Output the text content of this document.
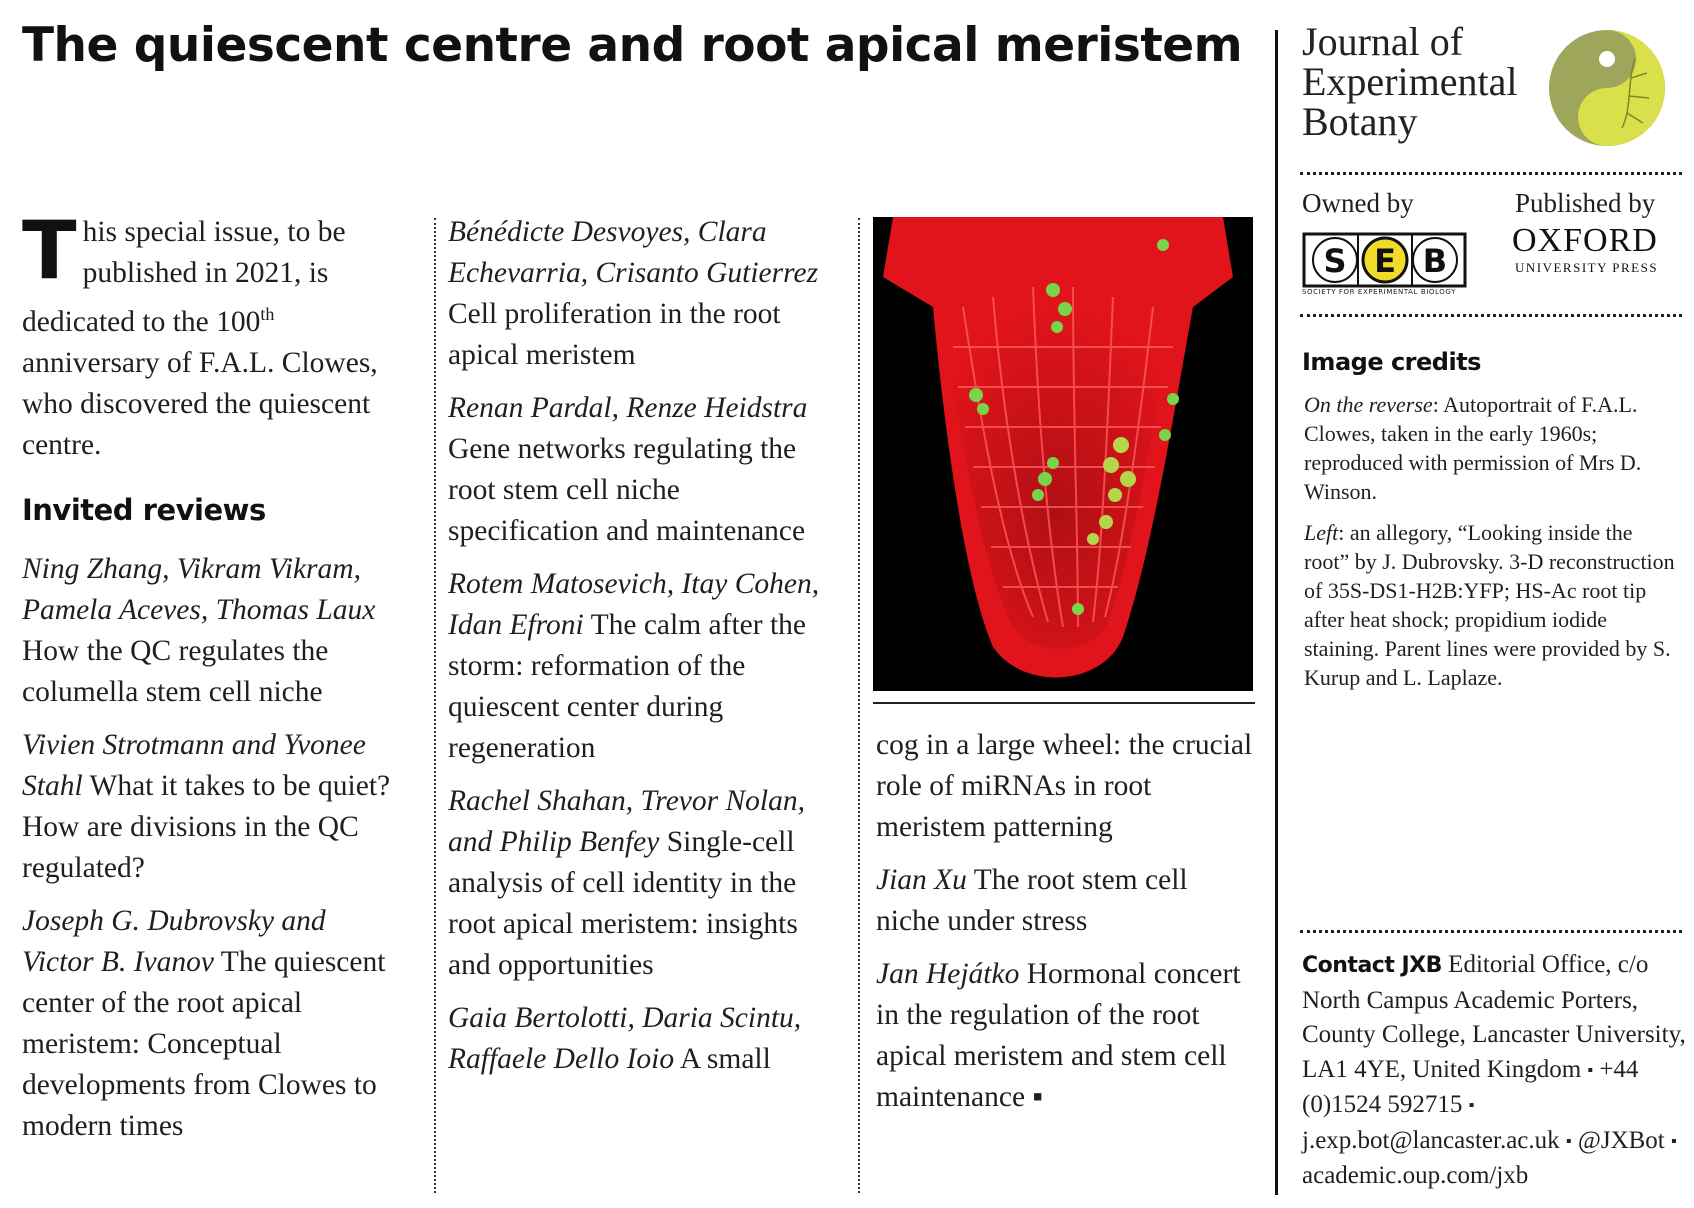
The quiescent centre and root apical meristem

This special issue, to be published in 2021, is dedicated to the 100th anniversary of F.A.L. Clowes, who discovered the quiescent centre.

Invited reviews

Ning Zhang, Vikram Vikram, Pamela Aceves, Thomas Laux How the QC regulates the columella stem cell niche

Vivien Strotmann and Yvonee Stahl What it takes to be quiet? How are divisions in the QC regulated?

Joseph G. Dubrovsky and Victor B. Ivanov The quiescent center of the root apical meristem: Conceptual developments from Clowes to modern times

Bénédicte Desvoyes, Clara Echevarria, Crisanto Gutierrez Cell proliferation in the root apical meristem

Renan Pardal, Renze Heidstra Gene networks regulating the root stem cell niche specification and maintenance

Rotem Matosevich, Itay Cohen, Idan Efroni The calm after the storm: reformation of the quiescent center during regeneration

Rachel Shahan, Trevor Nolan, and Philip Benfey Single-cell analysis of cell identity in the root apical meristem: insights and opportunities

Gaia Bertolotti, Daria Scintu, Raffaele Dello Ioio A small

cog in a large wheel: the crucial role of miRNAs in root meristem patterning

Jian Xu The root stem cell niche under stress

Jan Hejátko Hormonal concert in the regulation of the root apical meristem and stem cell maintenance ▪

Journal of
Experimental
Botany
Owned by	Published by
S E B
SOCIETY FOR EXPERIMENTAL BIOLOGY
OXFORD
UNIVERSITY PRESS
Image credits

On the reverse: Autoportrait of F.A.L. Clowes, taken in the early 1960s; reproduced with permission of Mrs D. Winson.

Left: an allegory, “Looking inside the root” by J. Dubrovsky. 3-D reconstruction of 35S-DS1-H2B:YFP; HS-Ac root tip after heat shock; propidium iodide staining. Parent lines were provided by S. Kurup and L. Laplaze.

Contact JXB Editorial Office, c/o North Campus Academic Porters, County College, Lancaster University, LA1 4YE, United Kingdom ▪ +44 (0)1524 592715 ▪ j.exp.bot@lancaster.ac.uk ▪ @JXBot ▪ academic.oup.com/jxb
